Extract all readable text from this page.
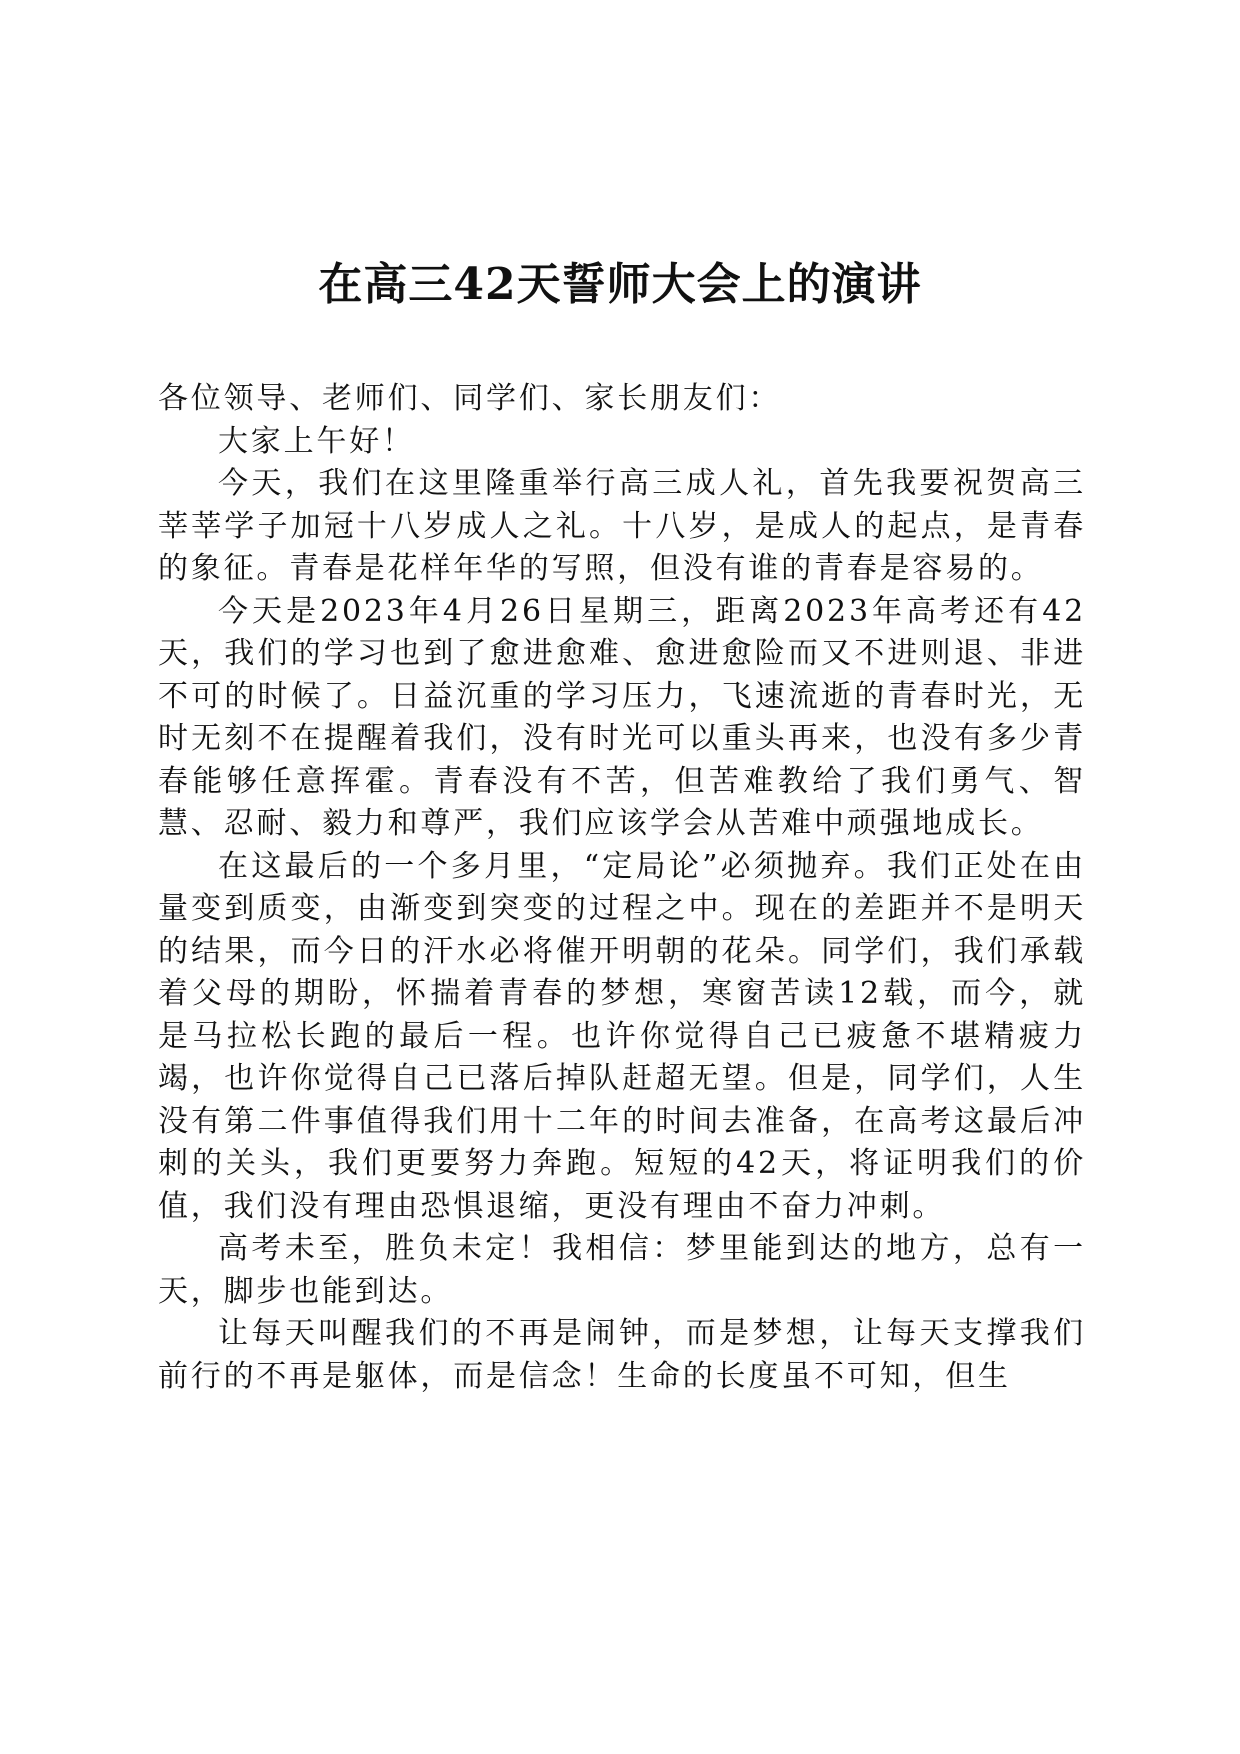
在高三42天誓师大会上的演讲

各位领导、老师们、同学们、家长朋友们：

大家上午好！

今天，我们在这里隆重举行高三成人礼，首先我要祝贺高三莘莘学子加冠十八岁成人之礼。十八岁，是成人的起点，是青春的象征。青春是花样年华的写照，但没有谁的青春是容易的。

今天是2023年4月26日星期三，距离2023年高考还有42天，我们的学习也到了愈进愈难、愈进愈险而又不进则退、非进不可的时候了。日益沉重的学习压力，飞速流逝的青春时光，无时无刻不在提醒着我们，没有时光可以重头再来，也没有多少青春能够任意挥霍。青春没有不苦，但苦难教给了我们勇气、智慧、忍耐、毅力和尊严，我们应该学会从苦难中顽强地成长。

在这最后的一个多月里，“定局论”必须抛弃。我们正处在由量变到质变，由渐变到突变的过程之中。现在的差距并不是明天的结果，而今日的汗水必将催开明朝的花朵。同学们，我们承载着父母的期盼，怀揣着青春的梦想，寒窗苦读12载，而今，就是马拉松长跑的最后一程。也许你觉得自己已疲惫不堪精疲力竭，也许你觉得自己已落后掉队赶超无望。但是，同学们，人生没有第二件事值得我们用十二年的时间去准备，在高考这最后冲刺的关头，我们更要努力奔跑。短短的42天，将证明我们的价值，我们没有理由恐惧退缩，更没有理由不奋力冲刺。

高考未至，胜负未定！我相信：梦里能到达的地方，总有一天，脚步也能到达。

让每天叫醒我们的不再是闹钟，而是梦想，让每天支撑我们前行的不再是躯体，而是信念！生命的长度虽不可知，但生
